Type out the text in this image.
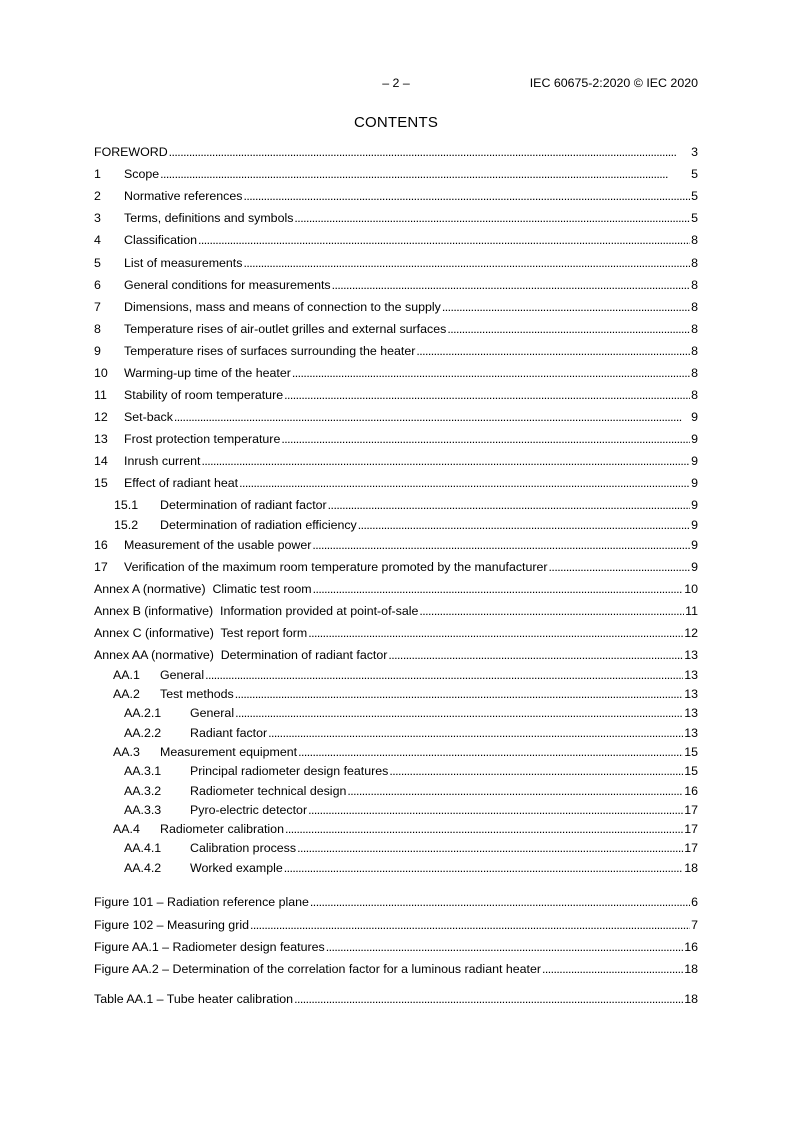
– 2 –	IEC 60675-2:2020 © IEC 2020
CONTENTS
FOREWORD . . .	3
1	Scope . . .	5
2	Normative references . . .	5
3	Terms, definitions and symbols . . .	5
4	Classification . . .	8
5	List of measurements . . .	8
6	General conditions for measurements . . .	8
7	Dimensions, mass and means of connection to the supply . . .	8
8	Temperature rises of air-outlet grilles and external surfaces . . .	8
9	Temperature rises of surfaces surrounding the heater . . .	8
10	Warming-up time of the heater . . .	8
11	Stability of room temperature . . .	8
12	Set-back . . .	9
13	Frost protection temperature . . .	9
14	Inrush current . . .	9
15	Effect of radiant heat . . .	9
15.1	Determination of radiant factor . . .	9
15.2	Determination of radiation efficiency . . .	9
16	Measurement of the usable power . . .	9
17	Verification of the maximum room temperature promoted by the manufacturer . . .	9
Annex A (normative)  Climatic test room . . .	10
Annex B (informative)  Information provided at point-of-sale . . .	11
Annex C (informative)  Test report form . . .	12
Annex AA (normative)  Determination of radiant factor . . .	13
AA.1	General . . .	13
AA.2	Test methods . . .	13
AA.2.1	General . . .	13
AA.2.2	Radiant factor . . .	13
AA.3	Measurement equipment . . .	15
AA.3.1	Principal radiometer design features . . .	15
AA.3.2	Radiometer technical design . . .	16
AA.3.3	Pyro-electric detector . . .	17
AA.4	Radiometer calibration . . .	17
AA.4.1	Calibration process . . .	17
AA.4.2	Worked example . . .	18
Figure 101 – Radiation reference plane . . .	6
Figure 102 – Measuring grid . . .	7
Figure AA.1 – Radiometer design features . . .	16
Figure AA.2 – Determination of the correlation factor for a luminous radiant heater . . .	18
Table AA.1 – Tube heater calibration . . .	18
